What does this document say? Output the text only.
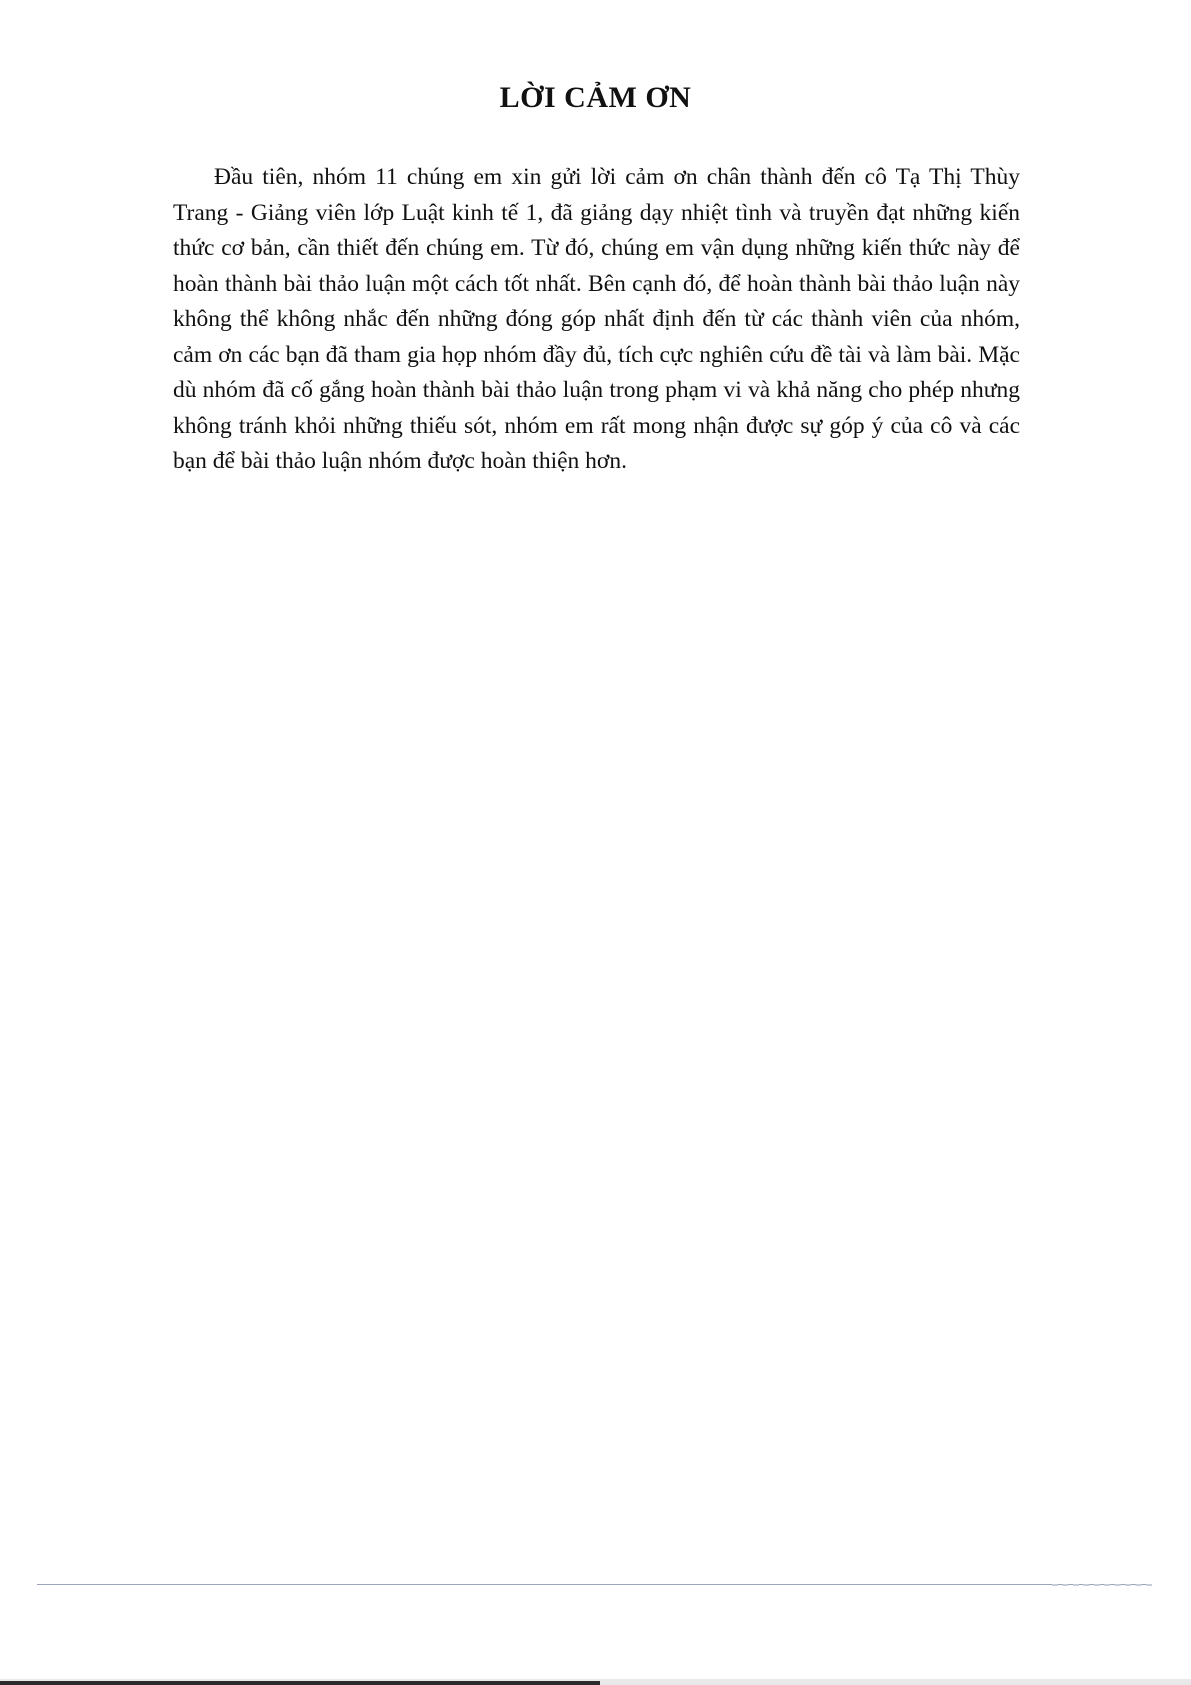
LỜI CẢM ƠN

Đầu tiên, nhóm 11 chúng em xin gửi lời cảm ơn chân thành đến cô Tạ Thị Thùy Trang - Giảng viên lớp Luật kinh tế 1, đã giảng dạy nhiệt tình và truyền đạt những kiến thức cơ bản, cần thiết đến chúng em. Từ đó, chúng em vận dụng những kiến thức này để hoàn thành bài thảo luận một cách tốt nhất. Bên cạnh đó, để hoàn thành bài thảo luận này không thể không nhắc đến những đóng góp nhất định đến từ các thành viên của nhóm, cảm ơn các bạn đã tham gia họp nhóm đầy đủ, tích cực nghiên cứu đề tài và làm bài. Mặc dù nhóm đã cố gắng hoàn thành bài thảo luận trong phạm vi và khả năng cho phép nhưng không tránh khỏi những thiếu sót, nhóm em rất mong nhận được sự góp ý của cô và các bạn để bài thảo luận nhóm được hoàn thiện hơn.
